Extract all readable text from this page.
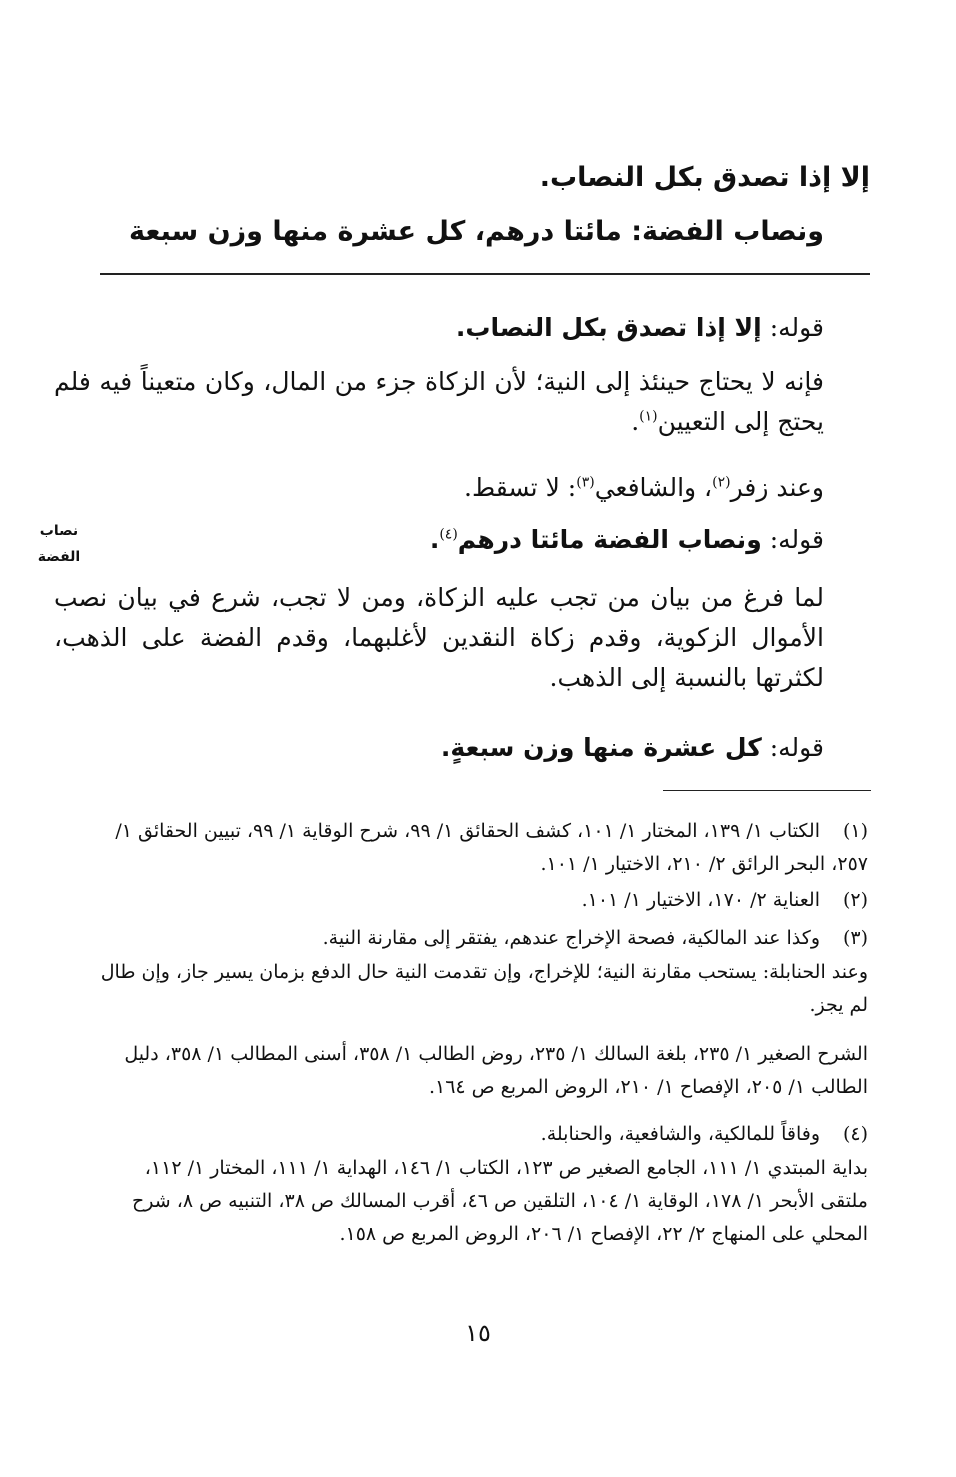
إلا إذا تصدق بكل النصاب.
ونصاب الفضة: مائتا درهم، كل عشرة منها وزن سبعة
نصاب
الفضة
قوله: إلا إذا تصدق بكل النصاب.
فإنه لا يحتاج حينئذ إلى النية؛ لأن الزكاة جزء من المال، وكان متعيناً فيه فلم يحتج إلى التعيين$^{(١)}$.
وعند زفر$^{(٢)}$، والشافعي$^{(٣)}$: لا تسقط.
قوله: ونصاب الفضة مائتا درهم$^{(٤)}$.
لما فرغ من بيان من تجب عليه الزكاة، ومن لا تجب، شرع في بيان نصب الأموال الزكوية، وقدم زكاة النقدين لأغلبهما، وقدم الفضة على الذهب، لكثرتها بالنسبة إلى الذهب.
قوله: كل عشرة منها وزن سبعةٍ.
(١)الكتاب ١/ ١٣٩، المختار ١/ ١٠١، كشف الحقائق ١/ ٩٩، شرح الوقاية ١/ ٩٩، تبيين الحقائق ١/ ٢٥٧، البحر الرائق ٢/ ٢١٠، الاختيار ١/ ١٠١.
(٢)العناية ٢/ ١٧٠، الاختيار ١/ ١٠١.
(٣)وكذا عند المالكية، فصحة الإخراج عندهم، يفتقر إلى مقارنة النية.
وعند الحنابلة: يستحب مقارنة النية؛ للإخراج، وإن تقدمت النية حال الدفع بزمان يسير جاز، وإن طال لم يجز.
الشرح الصغير ١/ ٢٣٥، بلغة السالك ١/ ٢٣٥، روض الطالب ١/ ٣٥٨، أسنى المطالب ١/ ٣٥٨، دليل الطالب ١/ ٢٠٥، الإفصاح ١/ ٢١٠، الروض المربع ص ١٦٤.
(٤)وفاقاً للمالكية، والشافعية، والحنابلة.
بداية المبتدي ١/ ١١١، الجامع الصغير ص ١٢٣، الكتاب ١/ ١٤٦، الهداية ١/ ١١١، المختار ١/ ١١٢، ملتقى الأبحر ١/ ١٧٨، الوقاية ١/ ١٠٤، التلقين ص ٤٦، أقرب المسالك ص ٣٨، التنبيه ص ٨، شرح المحلي على المنهاج ٢/ ٢٢، الإفصاح ١/ ٢٠٦، الروض المربع ص ١٥٨.
١٥
